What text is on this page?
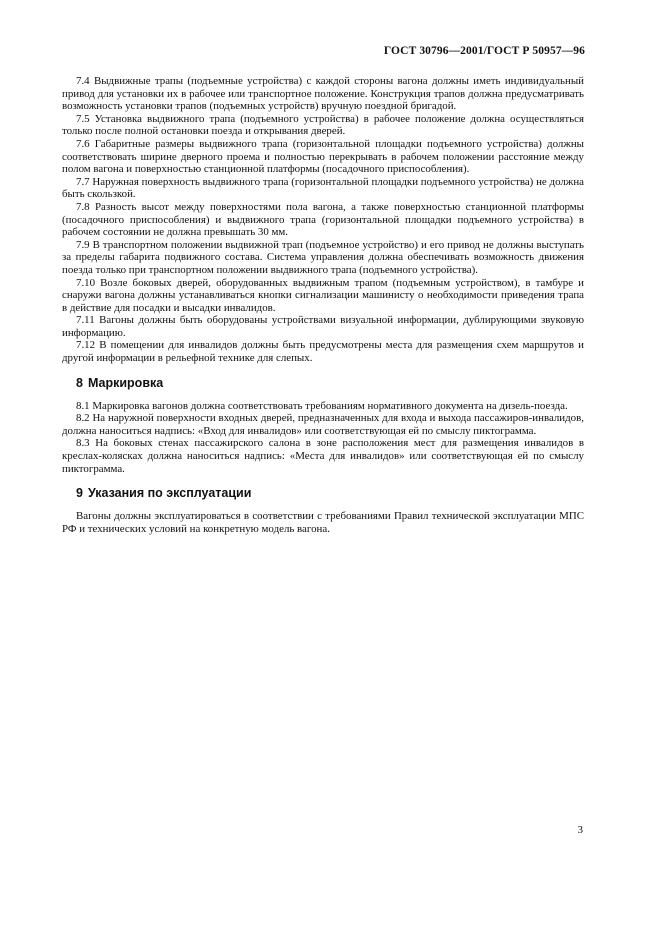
ГОСТ 30796—2001/ГОСТ Р 50957—96

7.4 Выдвижные трапы (подъемные устройства) с каждой стороны вагона должны иметь индивидуальный привод для установки их в рабочее или транспортное положение. Конструкция трапов должна предусматривать возможность установки трапов (подъемных устройств) вручную поездной бригадой.

7.5 Установка выдвижного трапа (подъемного устройства) в рабочее положение должна осуществляться только после полной остановки поезда и открывания дверей.

7.6 Габаритные размеры выдвижного трапа (горизонтальной площадки подъемного устройства) должны соответствовать ширине дверного проема и полностью перекрывать в рабочем положении расстояние между полом вагона и поверхностью станционной платформы (посадочного приспособления).

7.7 Наружная поверхность выдвижного трапа (горизонтальной площадки подъемного устройства) не должна быть скользкой.

7.8 Разность высот между поверхностями пола вагона, а также поверхностью станционной платформы (посадочного приспособления) и выдвижного трапа (горизонтальной площадки подъемного устройства) в рабочем состоянии не должна превышать 30 мм.

7.9 В транспортном положении выдвижной трап (подъемное устройство) и его привод не должны выступать за пределы габарита подвижного состава. Система управления должна обеспечивать возможность движения поезда только при транспортном положении выдвижного трапа (подъемного устройства).

7.10 Возле боковых дверей, оборудованных выдвижным трапом (подъемным устройством), в тамбуре и снаружи вагона должны устанавливаться кнопки сигнализации машинисту о необходимости приведения трапа в действие для посадки и высадки инвалидов.

7.11 Вагоны должны быть оборудованы устройствами визуальной информации, дублирующими звуковую информацию.

7.12 В помещении для инвалидов должны быть предусмотрены места для размещения схем маршрутов и другой информации в рельефной технике для слепых.

8 Маркировка

8.1 Маркировка вагонов должна соответствовать требованиям нормативного документа на дизель-поезда.

8.2 На наружной поверхности входных дверей, предназначенных для входа и выхода пассажиров-инвалидов, должна наноситься надпись: «Вход для инвалидов» или соответствующая ей по смыслу пиктограмма.

8.3 На боковых стенах пассажирского салона в зоне расположения мест для размещения инвалидов в креслах-колясках должна наноситься надпись: «Места для инвалидов» или соответствующая ей по смыслу пиктограмма.

9 Указания по эксплуатации

Вагоны должны эксплуатироваться в соответствии с требованиями Правил технической эксплуатации МПС РФ и технических условий на конкретную модель вагона.

3
